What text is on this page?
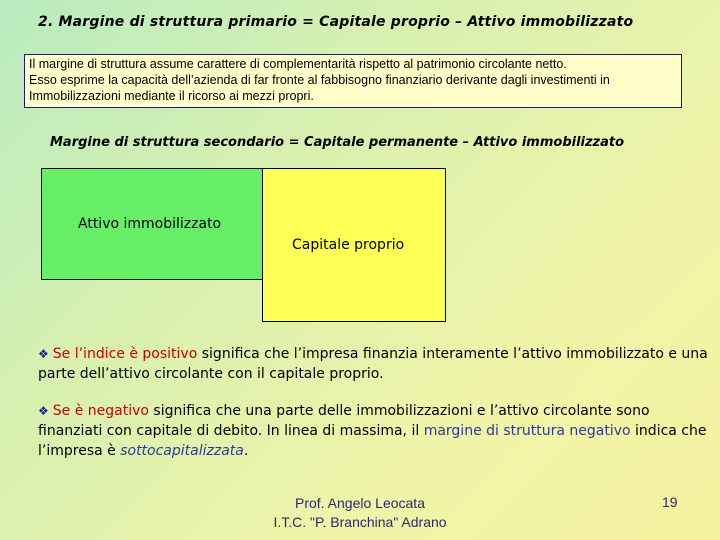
2. Margine di struttura primario = Capitale proprio – Attivo immobilizzato
Il margine di struttura assume carattere di complementarità rispetto al patrimonio circolante netto.
Esso esprime la capacità dell’azienda di far fronte al fabbisogno finanziario derivante dagli investimenti in
Immobilizzazioni mediante il ricorso ai mezzi propri.
Margine di struttura secondario = Capitale permanente – Attivo immobilizzato
Attivo immobilizzato
Capitale proprio
❖ Se l’indice è positivo significa che l’impresa finanzia interamente l’attivo immobilizzato e una parte dell’attivo circolante con il capitale proprio.
❖ Se è negativo significa che una parte delle immobilizzazioni e l’attivo circolante sono finanziati con capitale di debito. In linea di massima, il margine di struttura negativo indica che l’impresa è sottocapitalizzata.
Prof. Angelo Leocata
I.T.C. "P. Branchina" Adrano
19
